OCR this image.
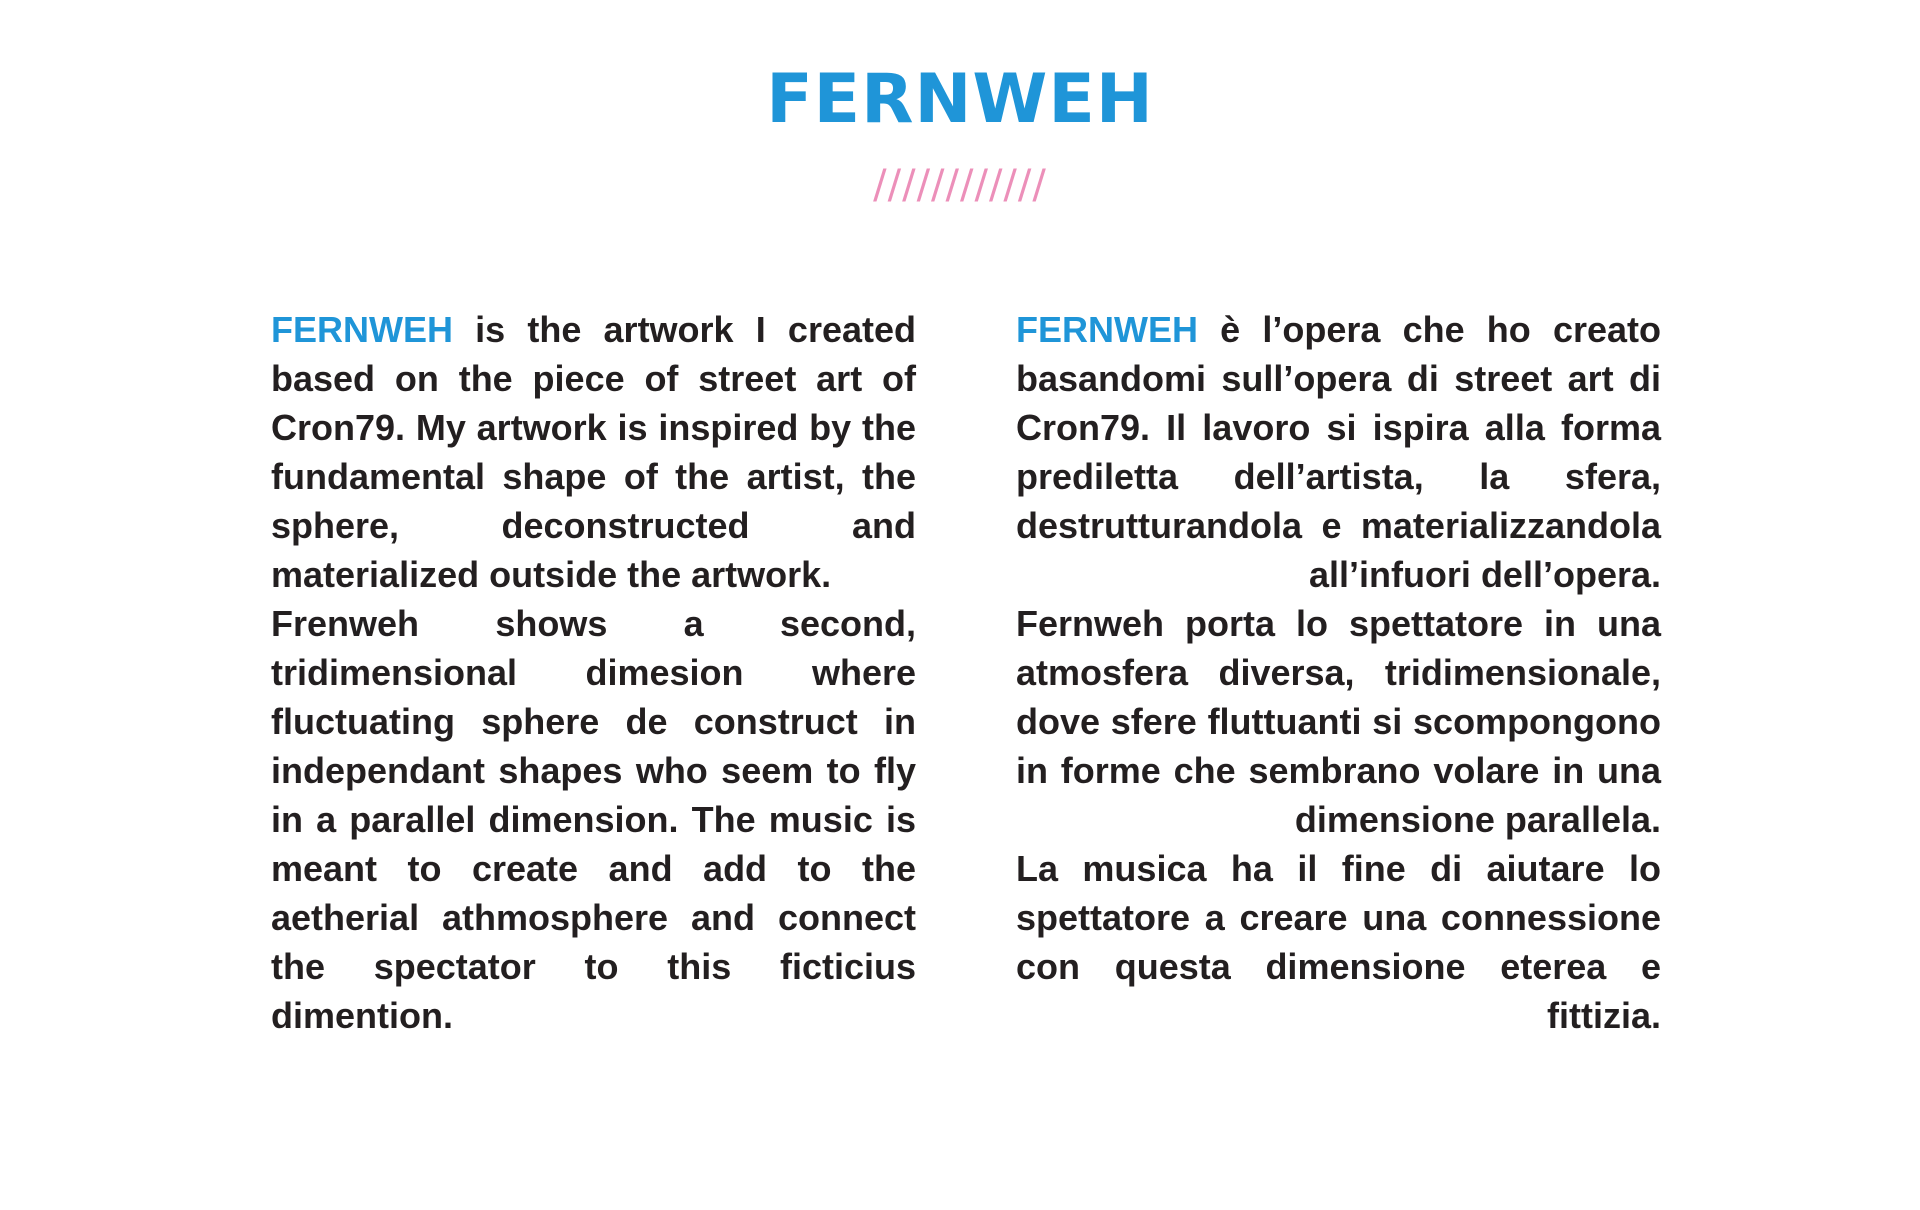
FERNWEH
////////////

FERNWEH is the artwork I created based on the piece of street art of Cron79. My artwork is inspired by the fundamental shape of the artist, the sphere, deconstructed and materialized outside the artwork.

Frenweh shows a second, tridimensional dimesion where fluctuating sphere de construct in independant shapes who seem to fly in a parallel dimension. The music is meant to create and add to the aetherial athmosphere and connect the spectator to this ficticius dimention.

FERNWEH è l’opera che ho creato basandomi sull’opera di street art di Cron79. Il lavoro si ispira alla forma prediletta dell’artista, la sfera, destrutturandola e materializzandola all’infuori dell’opera.

Fernweh porta lo spettatore in una atmosfera diversa, tridimensionale, dove sfere fluttuanti si scompongono in forme che sembrano volare in una dimensione parallela.

La musica ha il fine di aiutare lo spettatore a creare una connessione con questa dimensione eterea e fittizia.
